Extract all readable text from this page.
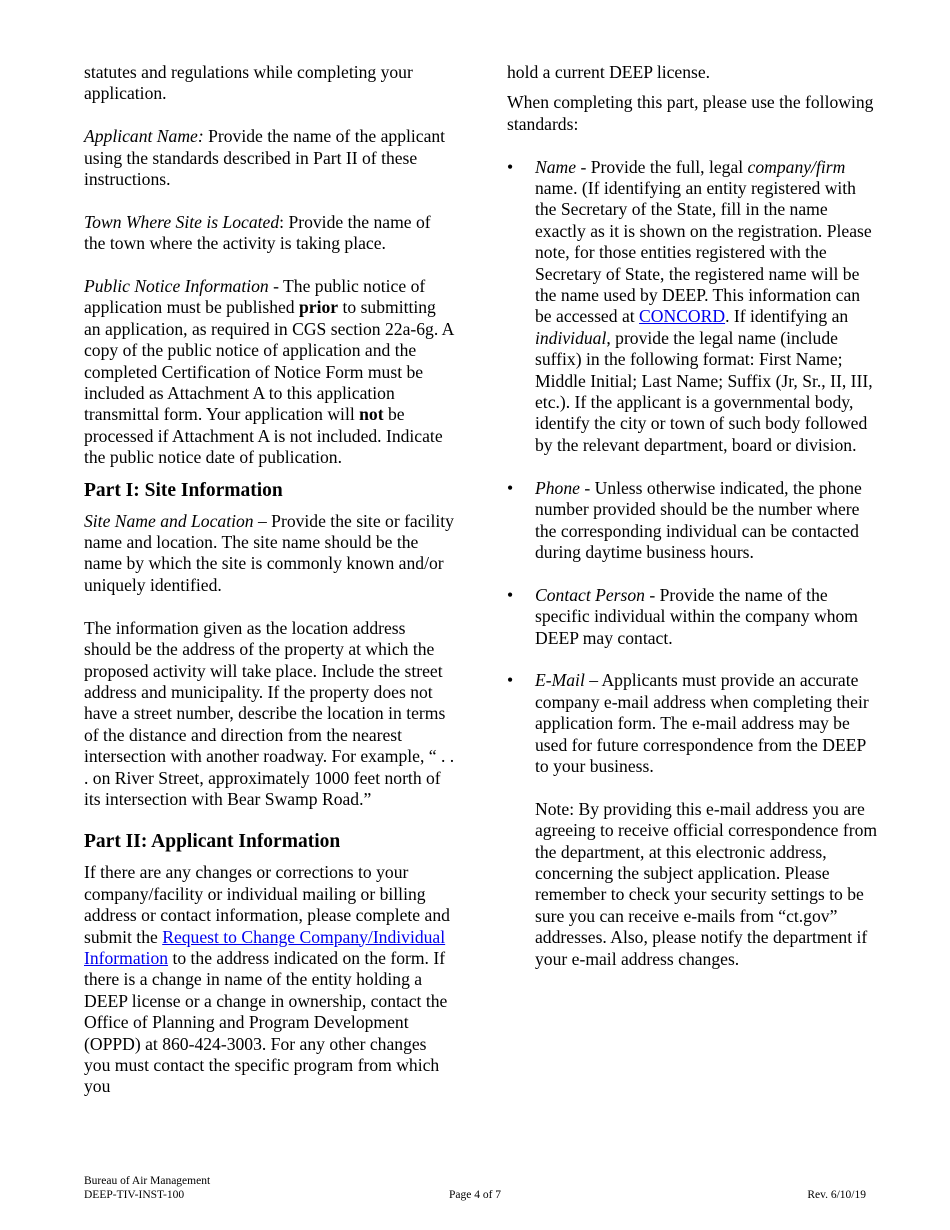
statutes and regulations while completing your application.

Applicant Name: Provide the name of the applicant using the standards described in Part II of these instructions.

Town Where Site is Located: Provide the name of the town where the activity is taking place.

Public Notice Information - The public notice of application must be published prior to submitting an application, as required in CGS section 22a-6g. A copy of the public notice of application and the completed Certification of Notice Form must be included as Attachment A to this application transmittal form. Your application will not be processed if Attachment A is not included. Indicate the public notice date of publication.

Part I: Site Information

Site Name and Location – Provide the site or facility name and location. The site name should be the name by which the site is commonly known and/or uniquely identified.

The information given as the location address should be the address of the property at which the proposed activity will take place. Include the street address and municipality. If the property does not have a street number, describe the location in terms of the distance and direction from the nearest intersection with another roadway. For example, “ . . . on River Street, approximately 1000 feet north of its intersection with Bear Swamp Road.”

Part II: Applicant Information

If there are any changes or corrections to your company/facility or individual mailing or billing address or contact information, please complete and submit the Request to Change Company/Individual Information to the address indicated on the form. If there is a change in name of the entity holding a DEEP license or a change in ownership, contact the Office of Planning and Program Development (OPPD) at 860-424-3003. For any other changes you must contact the specific program from which you

hold a current DEEP license.

When completing this part, please use the following standards:

•	Name - Provide the full, legal company/firm name. (If identifying an entity registered with the Secretary of the State, fill in the name exactly as it is shown on the registration. Please note, for those entities registered with the Secretary of State, the registered name will be the name used by DEEP. This information can be accessed at CONCORD. If identifying an individual, provide the legal name (include suffix) in the following format: First Name; Middle Initial; Last Name; Suffix (Jr, Sr., II, III, etc.). If the applicant is a governmental body, identify the city or town of such body followed by the relevant department, board or division.

•	Phone - Unless otherwise indicated, the phone number provided should be the number where the corresponding individual can be contacted during daytime business hours.

•	Contact Person - Provide the name of the specific individual within the company whom DEEP may contact.

•	E-Mail – Applicants must provide an accurate company e-mail address when completing their application form. The e-mail address may be used for future correspondence from the DEEP to your business.

Note: By providing this e-mail address you are agreeing to receive official correspondence from the department, at this electronic address, concerning the subject application. Please remember to check your security settings to be sure you can receive e-mails from “ct.gov” addresses. Also, please notify the department if your e-mail address changes.

Bureau of Air Management
DEEP-TIV-INST-100	Page 4 of 7	Rev. 6/10/19
